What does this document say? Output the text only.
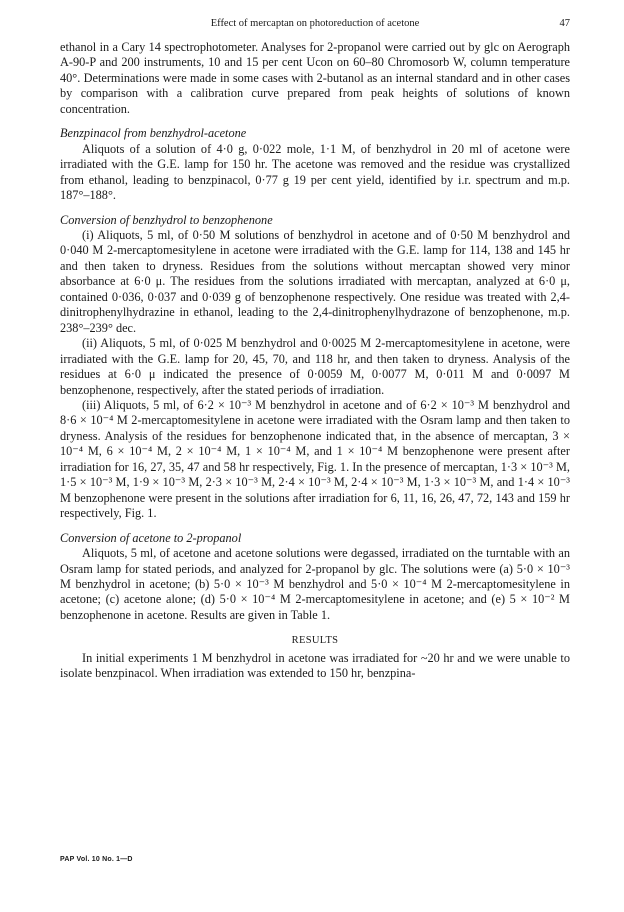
Effect of mercaptan on photoreduction of acetone	47

ethanol in a Cary 14 spectrophotometer. Analyses for 2-propanol were carried out by glc on Aerograph A-90-P and 200 instruments, 10 and 15 per cent Ucon on 60–80 Chromosorb W, column temperature 40°. Determinations were made in some cases with 2-butanol as an internal standard and in other cases by comparison with a calibration curve prepared from peak heights of solutions of known concentration.

Benzpinacol from benzhydrol-acetone

Aliquots of a solution of 4·0 g, 0·022 mole, 1·1 M, of benzhydrol in 20 ml of acetone were irradiated with the G.E. lamp for 150 hr. The acetone was removed and the residue was crystallized from ethanol, leading to benzpinacol, 0·77 g 19 per cent yield, identified by i.r. spectrum and m.p. 187°–188°.

Conversion of benzhydrol to benzophenone

(i) Aliquots, 5 ml, of 0·50 M solutions of benzhydrol in acetone and of 0·50 M benzhydrol and 0·040 M 2-mercaptomesitylene in acetone were irradiated with the G.E. lamp for 114, 138 and 145 hr and then taken to dryness. Residues from the solutions without mercaptan showed very minor absorbance at 6·0 μ. The residues from the solutions irradiated with mercaptan, analyzed at 6·0 μ, contained 0·036, 0·037 and 0·039 g of benzophenone respectively. One residue was treated with 2,4-dinitrophenylhydrazine in ethanol, leading to the 2,4-dinitrophenylhydrazone of benzophenone, m.p. 238°–239° dec.

(ii) Aliquots, 5 ml, of 0·025 M benzhydrol and 0·0025 M 2-mercaptomesitylene in acetone, were irradiated with the G.E. lamp for 20, 45, 70, and 118 hr, and then taken to dryness. Analysis of the residues at 6·0 μ indicated the presence of 0·0059 M, 0·0077 M, 0·011 M and 0·0097 M benzophenone, respectively, after the stated periods of irradiation.

(iii) Aliquots, 5 ml, of 6·2 × 10⁻³ M benzhydrol in acetone and of 6·2 × 10⁻³ M benzhydrol and 8·6 × 10⁻⁴ M 2-mercaptomesitylene in acetone were irradiated with the Osram lamp and then taken to dryness. Analysis of the residues for benzophenone indicated that, in the absence of mercaptan, 3 × 10⁻⁴ M, 6 × 10⁻⁴ M, 2 × 10⁻⁴ M, 1 × 10⁻⁴ M, and 1 × 10⁻⁴ M benzophenone were present after irradiation for 16, 27, 35, 47 and 58 hr respectively, Fig. 1. In the presence of mercaptan, 1·3 × 10⁻³ M, 1·5 × 10⁻³ M, 1·9 × 10⁻³ M, 2·3 × 10⁻³ M, 2·4 × 10⁻³ M, 2·4 × 10⁻³ M, 1·3 × 10⁻³ M, and 1·4 × 10⁻³ M benzophenone were present in the solutions after irradiation for 6, 11, 16, 26, 47, 72, 143 and 159 hr respectively, Fig. 1.

Conversion of acetone to 2-propanol

Aliquots, 5 ml, of acetone and acetone solutions were degassed, irradiated on the turntable with an Osram lamp for stated periods, and analyzed for 2-propanol by glc. The solutions were (a) 5·0 × 10⁻³ M benzhydrol in acetone; (b) 5·0 × 10⁻³ M benzhydrol and 5·0 × 10⁻⁴ M 2-mercaptomesitylene in acetone; (c) acetone alone; (d) 5·0 × 10⁻⁴ M 2-mercaptomesitylene in acetone; and (e) 5 × 10⁻² M benzophenone in acetone. Results are given in Table 1.

RESULTS

In initial experiments 1 M benzhydrol in acetone was irradiated for ~20 hr and we were unable to isolate benzpinacol. When irradiation was extended to 150 hr, benzpina-

PAP Vol. 10 No. 1—D
